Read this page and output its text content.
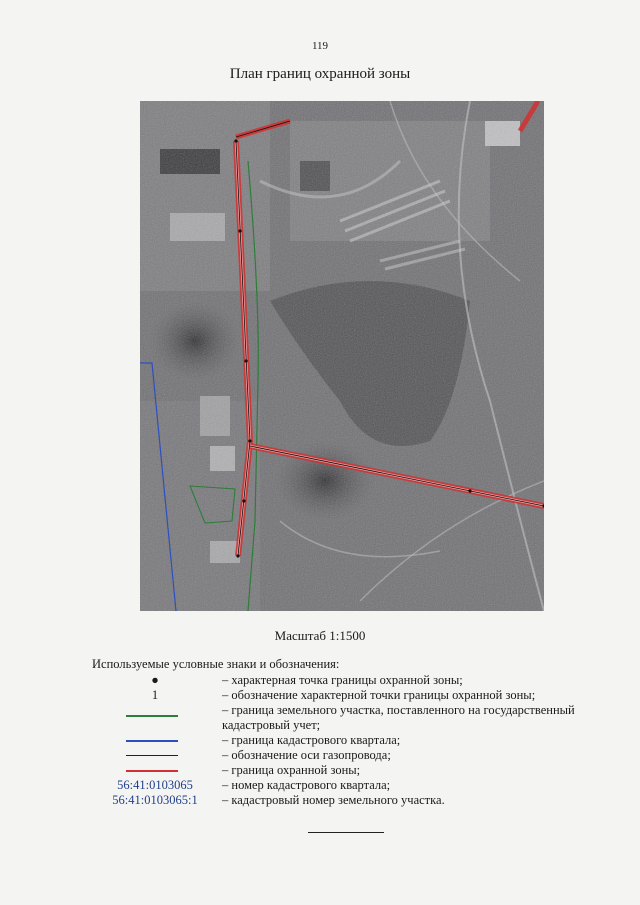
119
План границ охранной зоны
Масштаб 1:1500
Используемые условные знаки и обозначения:
●	– характерная точка границы охранной зоны;
1	– обозначение характерной точки границы охранной зоны;
– граница земельного участка, поставленного на государственный кадастровый учет;
– граница кадастрового квартала;
– обозначение оси газопровода;
– граница охранной зоны;
56:41:0103065	– номер кадастрового квартала;
56:41:0103065:1 – кадастровый номер земельного участка.
